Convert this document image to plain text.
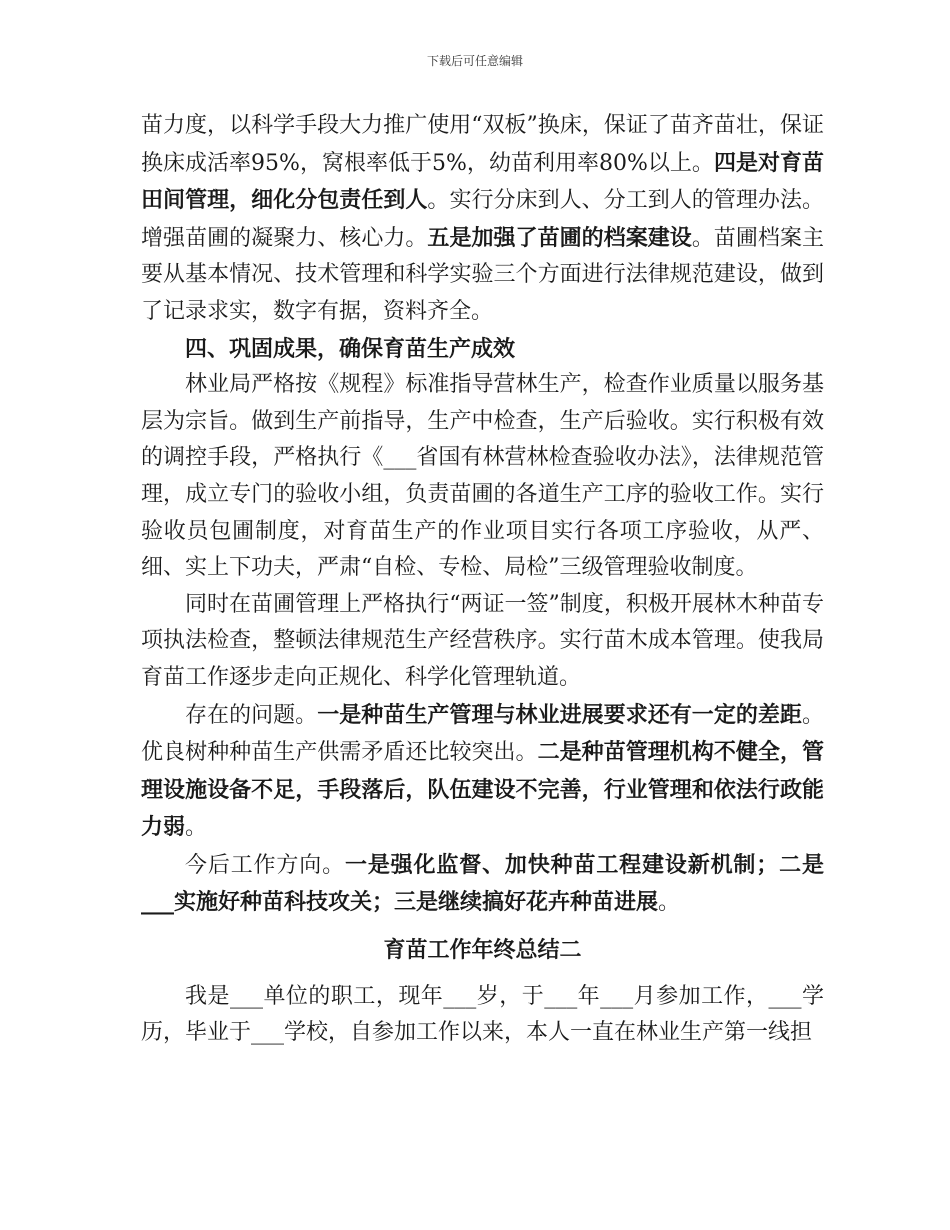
下载后可任意编辑

苗力度，以科学手段大力推广使用“双板”换床，保证了苗齐苗壮，保证换床成活率95%，窝根率低于5%，幼苗利用率80%以上。四是对育苗田间管理，细化分包责任到人。实行分床到人、分工到人的管理办法。增强苗圃的凝聚力、核心力。五是加强了苗圃的档案建设。苗圃档案主要从基本情况、技术管理和科学实验三个方面进行法律规范建设，做到了记录求实，数字有据，资料齐全。

四、巩固成果，确保育苗生产成效

林业局严格按《规程》标准指导营林生产，检查作业质量以服务基层为宗旨。做到生产前指导，生产中检查，生产后验收。实行积极有效的调控手段，严格执行《___省国有林营林检查验收办法》，法律规范管理，成立专门的验收小组，负责苗圃的各道生产工序的验收工作。实行验收员包圃制度，对育苗生产的作业项目实行各项工序验收，从严、细、实上下功夫，严肃“自检、专检、局检”三级管理验收制度。

同时在苗圃管理上严格执行“两证一签”制度，积极开展林木种苗专项执法检查，整顿法律规范生产经营秩序。实行苗木成本管理。使我局育苗工作逐步走向正规化、科学化管理轨道。

存在的问题。一是种苗生产管理与林业进展要求还有一定的差距。优良树种种苗生产供需矛盾还比较突出。二是种苗管理机构不健全，管理设施设备不足，手段落后，队伍建设不完善，行业管理和依法行政能力弱。

今后工作方向。一是强化监督、加快种苗工程建设新机制；二是___实施好种苗科技攻关；三是继续搞好花卉种苗进展。

育苗工作年终总结二

我是___单位的职工，现年___岁，于___年___月参加工作，___学历，毕业于___学校，自参加工作以来，本人一直在林业生产第一线担
